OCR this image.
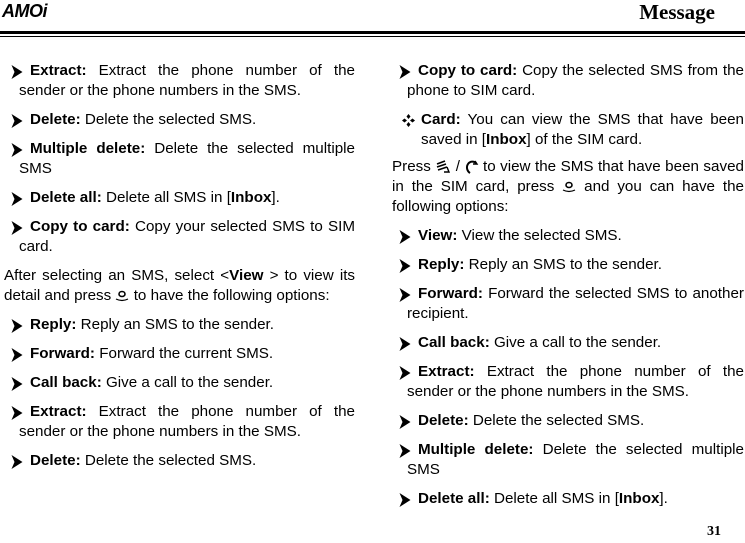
AMOi	Message
Extract: Extract the phone number of the sender or the phone numbers in the SMS.
Delete: Delete the selected SMS.
Multiple delete: Delete the selected multiple SMS
Delete all: Delete all SMS in [Inbox].
Copy to card: Copy your selected SMS to SIM card.
After selecting an SMS, select <View > to view its detail and press  to have the following options:
Reply: Reply an SMS to the sender.
Forward: Forward the current SMS.
Call back: Give a call to the sender.
Extract: Extract the phone number of the sender or the phone numbers in the SMS.
Delete: Delete the selected SMS.
Copy to card: Copy the selected SMS from the phone to SIM card.
Card: You can view the SMS that have been saved in [Inbox] of the SIM card.
Press  /  to view the SMS that have been saved in the SIM card, press  and you can have the following options:
View: View the selected SMS.
Reply: Reply an SMS to the sender.
Forward: Forward the selected SMS to another recipient.
Call back: Give a call to the sender.
Extract: Extract the phone number of the sender or the phone numbers in the SMS.
Delete: Delete the selected SMS.
Multiple delete: Delete the selected multiple SMS
Delete all: Delete all SMS in [Inbox].
31
